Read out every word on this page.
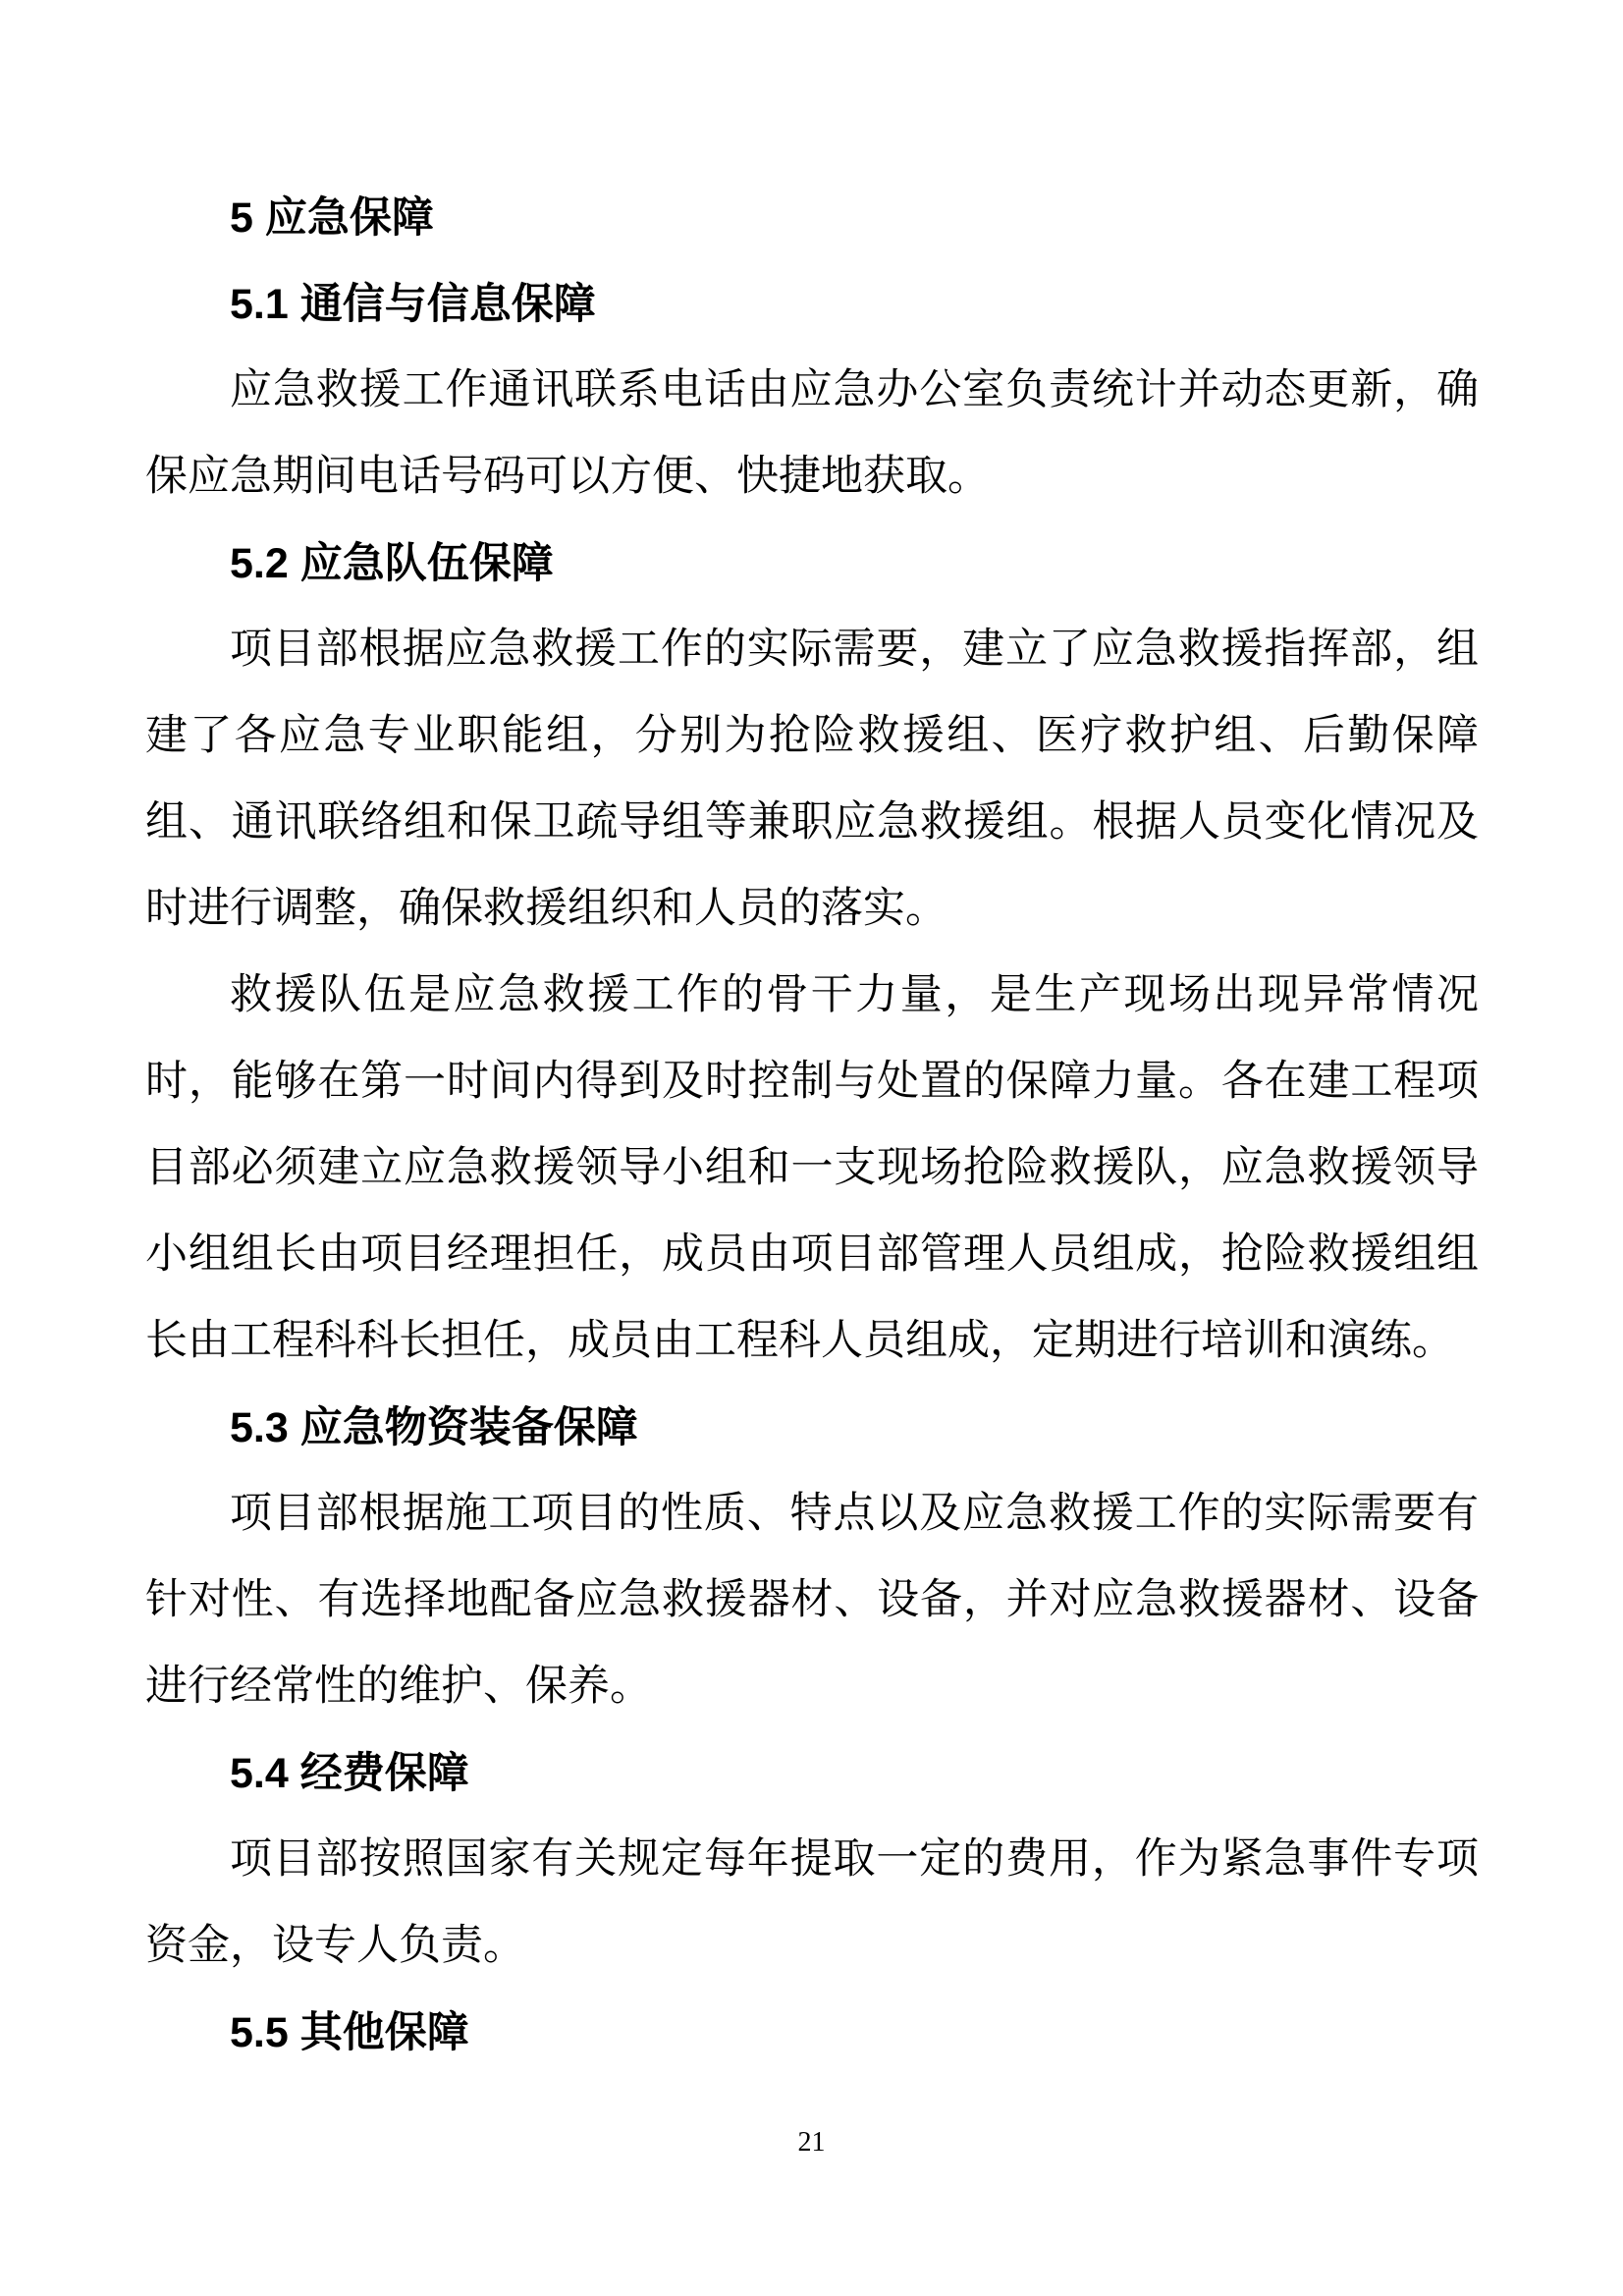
5 应急保障
5.1 通信与信息保障

应急救援工作通讯联系电话由应急办公室负责统计并动态更新，确保应急期间电话号码可以方便、快捷地获取。

5.2 应急队伍保障

项目部根据应急救援工作的实际需要，建立了应急救援指挥部，组建了各应急专业职能组，分别为抢险救援组、医疗救护组、后勤保障组、通讯联络组和保卫疏导组等兼职应急救援组。根据人员变化情况及时进行调整，确保救援组织和人员的落实。

救援队伍是应急救援工作的骨干力量，是生产现场出现异常情况时，能够在第一时间内得到及时控制与处置的保障力量。各在建工程项目部必须建立应急救援领导小组和一支现场抢险救援队，应急救援领导小组组长由项目经理担任，成员由项目部管理人员组成，抢险救援组组长由工程科科长担任，成员由工程科人员组成，定期进行培训和演练。

5.3 应急物资装备保障

项目部根据施工项目的性质、特点以及应急救援工作的实际需要有针对性、有选择地配备应急救援器材、设备，并对应急救援器材、设备进行经常性的维护、保养。

5.4 经费保障

项目部按照国家有关规定每年提取一定的费用，作为紧急事件专项资金，设专人负责。

5.5 其他保障
21
